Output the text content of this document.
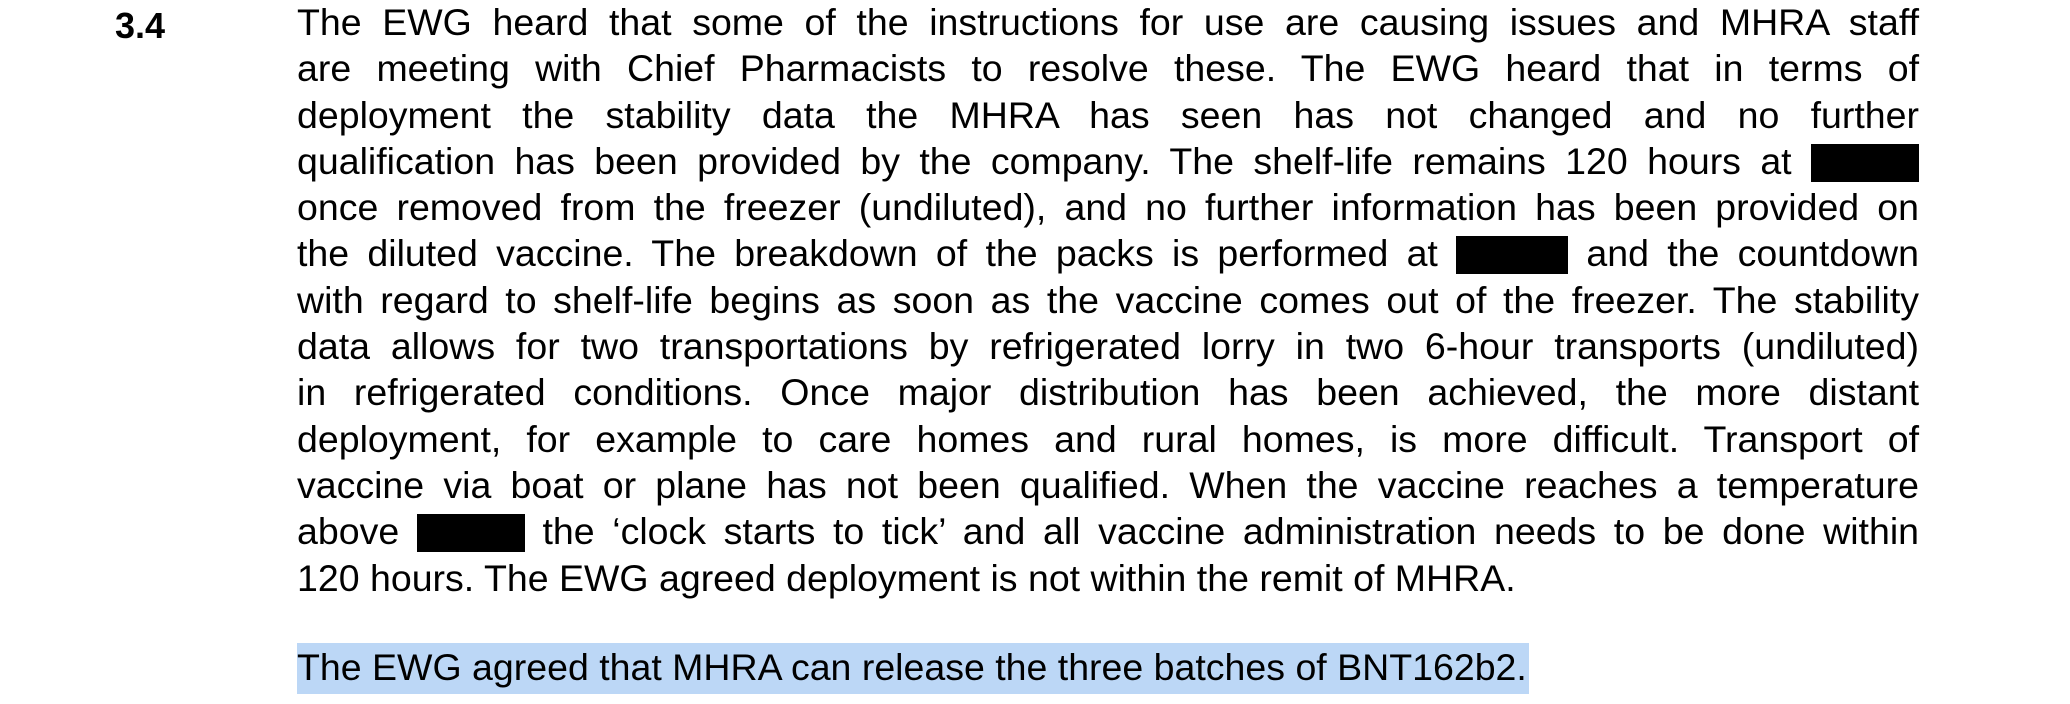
3.4	The EWG heard that some of the instructions for use are causing issues and MHRA staff
are meeting with Chief Pharmacists to resolve these. The EWG heard that in terms of
deployment the stability data the MHRA has seen has not changed and no further
qualification has been provided by the company. The shelf-life remains 120 hours at
once removed from the freezer (undiluted), and no further information has been provided on
the diluted vaccine. The breakdown of the packs is performed at	and the countdown
with regard to shelf-life begins as soon as the vaccine comes out of the freezer. The stability
data allows for two transportations by refrigerated lorry in two 6-hour transports (undiluted)
in refrigerated conditions. Once major distribution has been achieved, the more distant
deployment, for example to care homes and rural homes, is more difficult. Transport of
vaccine via boat or plane has not been qualified. When the vaccine reaches a temperature
above	the ‘clock starts to tick’ and all vaccine administration needs to be done within
120 hours. The EWG agreed deployment is not within the remit of MHRA.
The EWG agreed that MHRA can release the three batches of BNT162b2.
